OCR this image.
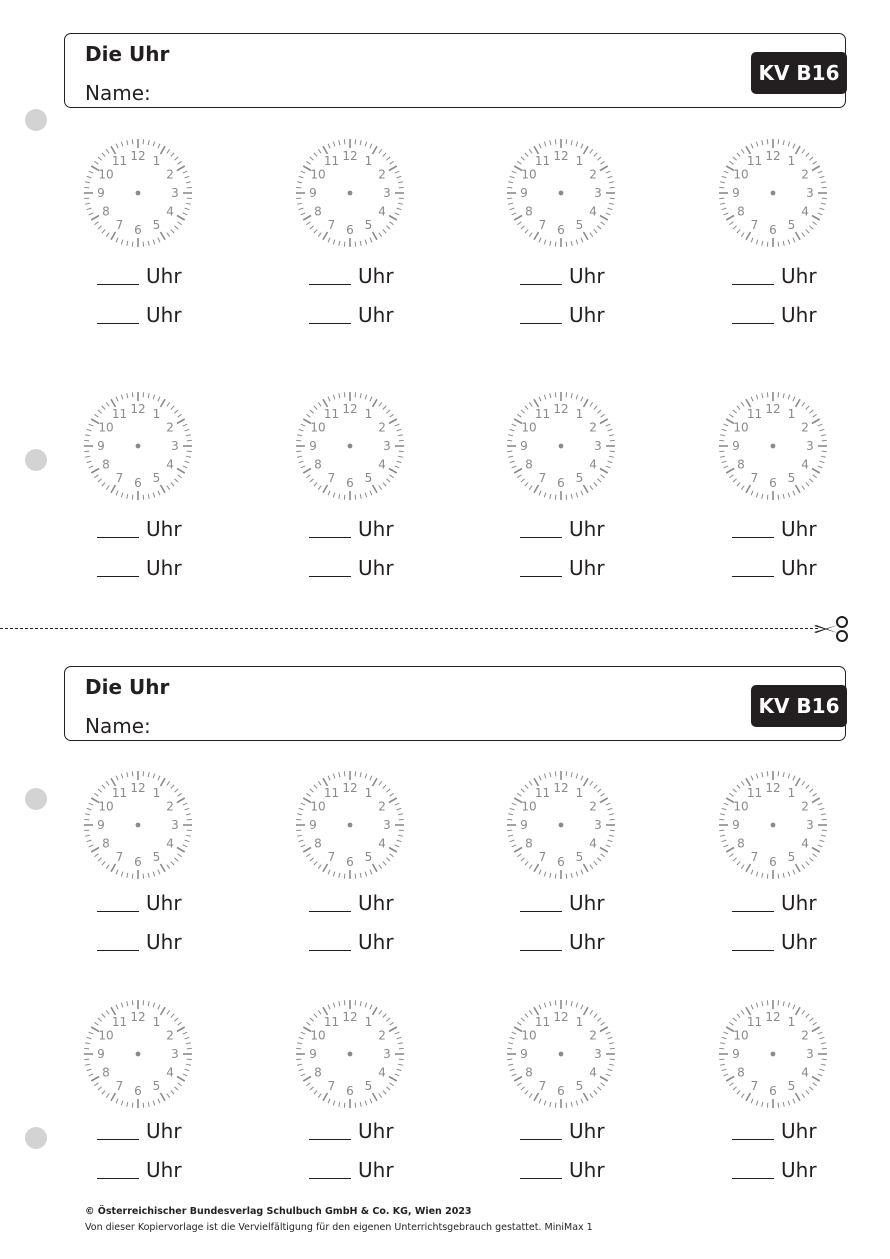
Die Uhr
Name:
KV B16
Die Uhr
Name:
KV B16
12 1
2
3
4
5
6
7
8
9
10
11
Uhr
Uhr
12 1
2
3
4
5
6
7
8
9
10
11
Uhr
Uhr
12 1
2
3
4
5
6
7
8
9
10
11
Uhr
Uhr
12 1
2
3
4
5
6
7
8
9
10
11
Uhr
Uhr
12 1
2
3
4
5
6
7
8
9
10
11
Uhr
Uhr
12 1
2
3
4
5
6
7
8
9
10
11
Uhr
Uhr
12 1
2
3
4
5
6
7
8
9
10
11
Uhr
Uhr
12 1
2
3
4
5
6
7
8
9
10
11
Uhr
Uhr
12 1
2
3
4
5
6
7
8
9
10
11
Uhr
Uhr
12 1
2
3
4
5
6
7
8
9
10
11
Uhr
Uhr
12 1
2
3
4
5
6
7
8
9
10
11
Uhr
Uhr
12 1
2
3
4
5
6
7
8
9
10
11
Uhr
Uhr
12 1
2
3
4
5
6
7
8
9
10
11
Uhr
Uhr
12 1
2
3
4
5
6
7
8
9
10
11
Uhr
Uhr
12 1
2
3
4
5
6
7
8
9
10
11
Uhr
Uhr
12 1
2
3
4
5
6
7
8
9
10
11
Uhr
Uhr
© Österreichischer Bundesverlag Schulbuch GmbH & Co. KG, Wien 2023
Von dieser Kopiervorlage ist die Vervielfältigung für den eigenen Unterrichtsgebrauch gestattet. MiniMax 1
